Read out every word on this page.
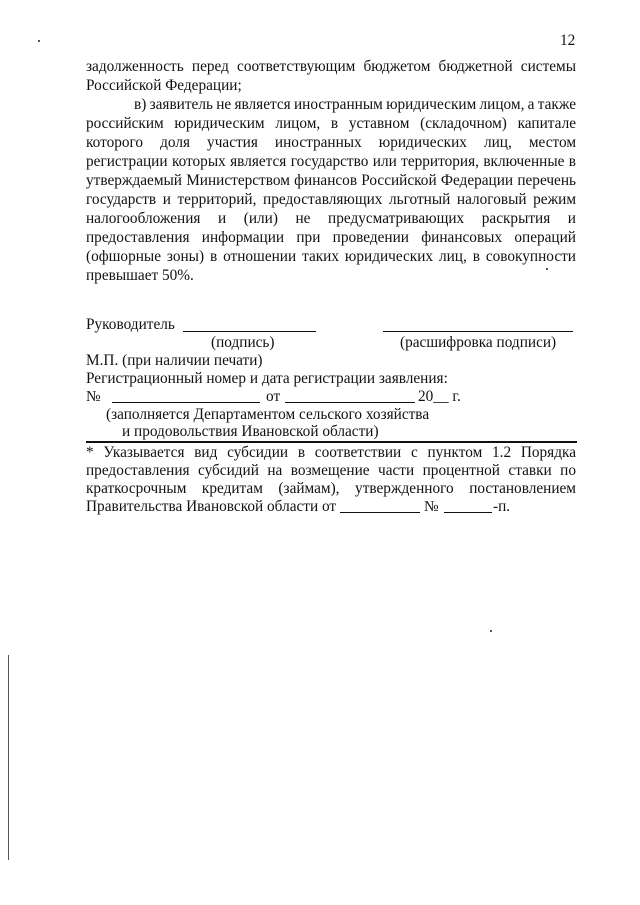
12
задолженность перед соответствующим бюджетом бюджетной системы
Российской Федерации;
в) заявитель не является иностранным юридическим лицом, а также
российским юридическим лицом, в уставном (складочном) капитале
которого доля участия иностранных юридических лиц, местом
регистрации которых является государство или территория, включенные в
утверждаемый Министерством финансов Российской Федерации перечень
государств и территорий, предоставляющих льготный налоговый режим
налогообложения и (или) не предусматривающих раскрытия и
предоставления информации при проведении финансовых операций
(офшорные зоны) в отношении таких юридических лиц, в совокупности
превышает 50%.
Руководитель
(подпись)	(расшифровка подписи)
М.П. (при наличии печати)
Регистрационный номер и дата регистрации заявления:
№	от	20__ г.
(заполняется Департаментом сельского хозяйства
и продовольствия Ивановской области)
* Указывается вид субсидии в соответствии с пунктом 1.2 Порядка
предоставления субсидий на возмещение части процентной ставки по
краткосрочным кредитам (займам), утвержденного постановлением
Правительства Ивановской области от	№	-п.
